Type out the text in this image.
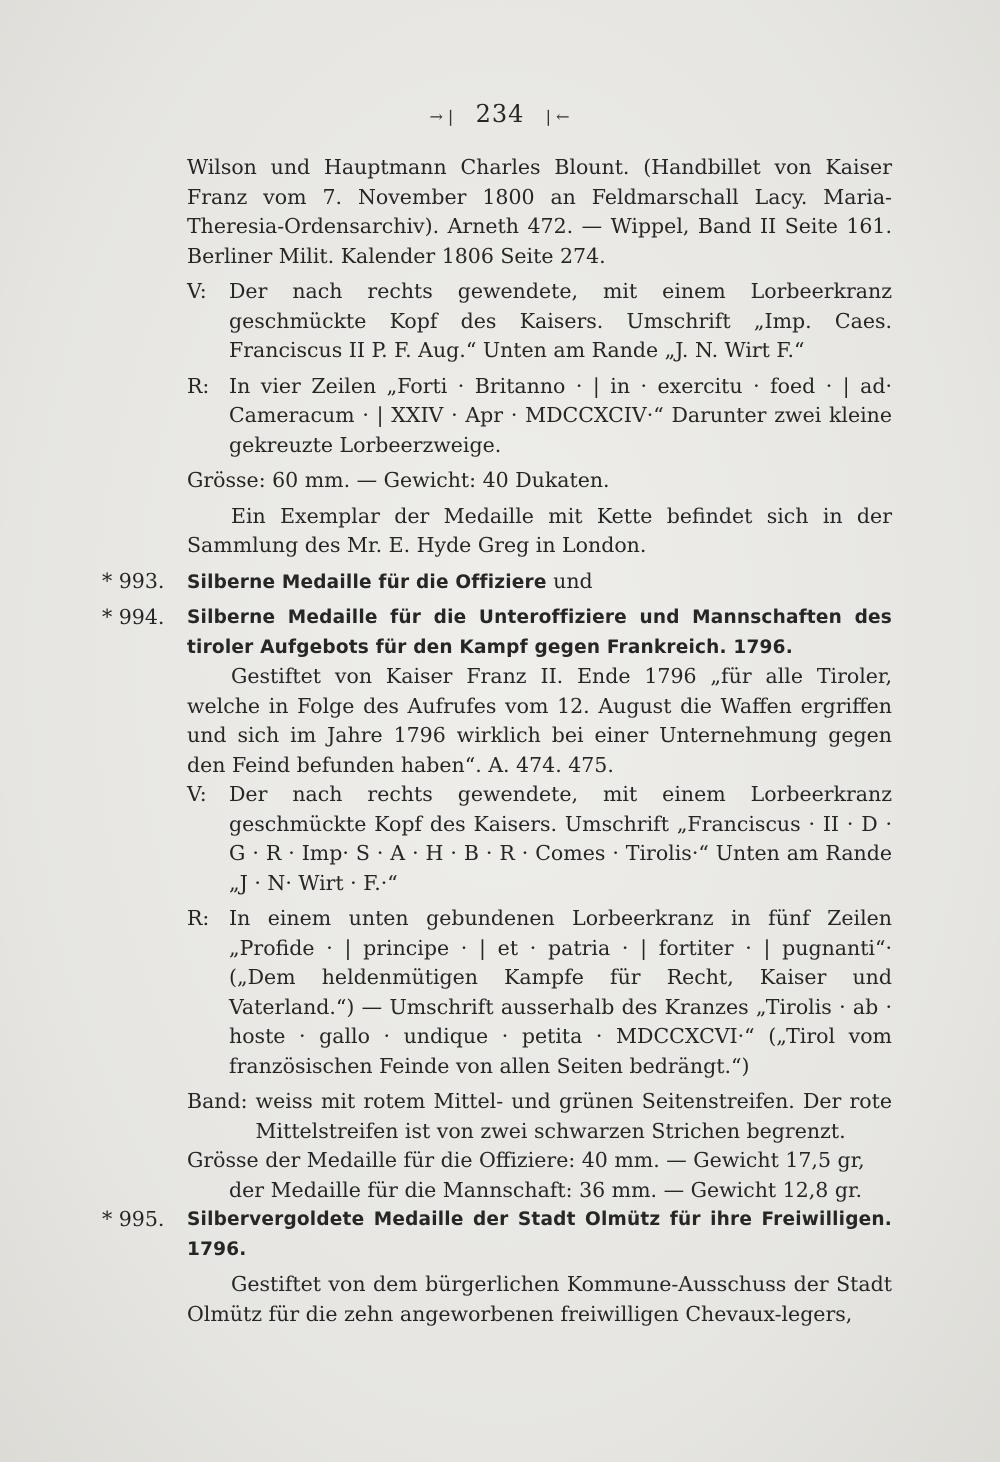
→❘ 234 ❘←

Wilson und Hauptmann Charles Blount. (Handbillet von Kaiser Franz vom 7. November 1800 an Feldmarschall Lacy. Maria-Theresia-Ordensarchiv). Arneth 472. — Wippel, Band II Seite 161. Berliner Milit. Kalender 1806 Seite 274.

V:	Der nach rechts gewendete, mit einem Lorbeerkranz geschmückte Kopf des Kaisers. Umschrift „Imp. Caes. Franciscus II P. F. Aug.“ Unten am Rande „J. N. Wirt F.“
R: In vier Zeilen „Forti · Britanno · | in · exercitu · foed · | ad· Cameracum · | XXIV · Apr · MDCCXCIV·“ Darunter zwei kleine gekreuzte Lorbeerzweige.

Grösse: 60 mm. — Gewicht: 40 Dukaten.

Ein Exemplar der Medaille mit Kette befindet sich in der Sammlung des Mr. E. Hyde Greg in London.

* 993.	Silberne Medaille für die Offiziere und

* 994.	Silberne Medaille für die Unteroffiziere und Mannschaften des tiroler Aufgebots für den Kampf gegen Frankreich. 1796.

Gestiftet von Kaiser Franz II. Ende 1796 „für alle Tiroler, welche in Folge des Aufrufes vom 12. August die Waffen ergriffen und sich im Jahre 1796 wirklich bei einer Unternehmung gegen den Feind befunden haben“. A. 474. 475.

V:	Der nach rechts gewendete, mit einem Lorbeerkranz geschmückte Kopf des Kaisers. Umschrift „Franciscus · II · D · G · R · Imp· S · A · H · B · R · Comes · Tirolis·“ Unten am Rande „J · N· Wirt · F.·“
R: In einem unten gebundenen Lorbeerkranz in fünf Zeilen „Profide · | principe · | et · patria · | fortiter · | pugnanti“· („Dem heldenmütigen Kampfe für Recht, Kaiser und Vaterland.“) — Umschrift ausserhalb des Kranzes „Tirolis · ab · hoste · gallo · undique · petita · MDCCXCVI·“ („Tirol vom französischen Feinde von allen Seiten bedrängt.“)
Band: weiss mit rotem Mittel- und grünen Seitenstreifen. Der rote Mittelstreifen ist von zwei schwarzen Strichen begrenzt.

Grösse der Medaille für die Offiziere: 40 mm. — Gewicht 17,5 gr,

der Medaille für die Mannschaft: 36 mm. — Gewicht 12,8 gr.

* 995.	Silbervergoldete Medaille der Stadt Olmütz für ihre Freiwilligen. 1796.

Gestiftet von dem bürgerlichen Kommune-Ausschuss der Stadt Olmütz für die zehn angeworbenen freiwilligen Chevaux-legers,
